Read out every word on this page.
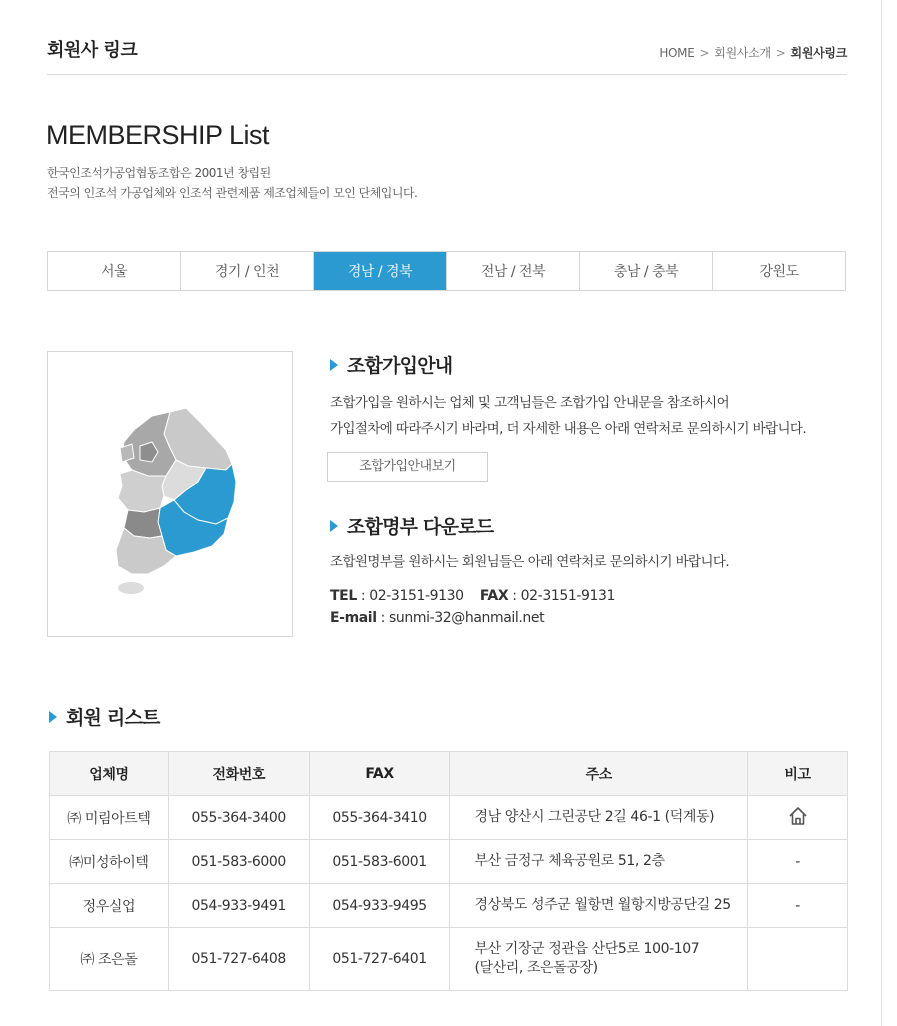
회원사 링크	HOME > 회원사소개 > 회원사링크
MEMBERSHIP List
한국인조석가공업협동조합은 2001년 창립된
전국의 인조석 가공업체와 인조석 관련제품 제조업체들이 모인 단체입니다.
서울	경기 / 인천	경남 / 경북	전남 / 전북	충남 / 충북	강원도
조합가입안내
조합가입을 원하시는 업체 및 고객님들은 조합가입 안내문을 참조하시어
가입절차에 따라주시기 바라며, 더 자세한 내용은 아래 연락처로 문의하시기 바랍니다.
조합가입안내보기
조합명부 다운로드
조합원명부를 원하시는 회원님들은 아래 연락처로 문의하시기 바랍니다.
TEL : 02-3151-9130 FAX : 02-3151-9131
E-mail : sunmi-32@hanmail.net
회원 리스트
업체명	전화번호	FAX	주소	비고
㈜ 미림아트텍	055-364-3400	055-364-3410	경남 양산시 그린공단 2길 46-1 (덕계동)	
㈜미성하이텍	051-583-6000	051-583-6001	부산 금정구 체육공원로 51, 2층	-
정우실업	054-933-9491	054-933-9495	경상북도 성주군 월항면 월항지방공단길 25	-
㈜ 조은돌	051-727-6408	051-727-6401	부산 기장군 정관읍 산단5로 100-107
(달산리, 조은돌공장)	
